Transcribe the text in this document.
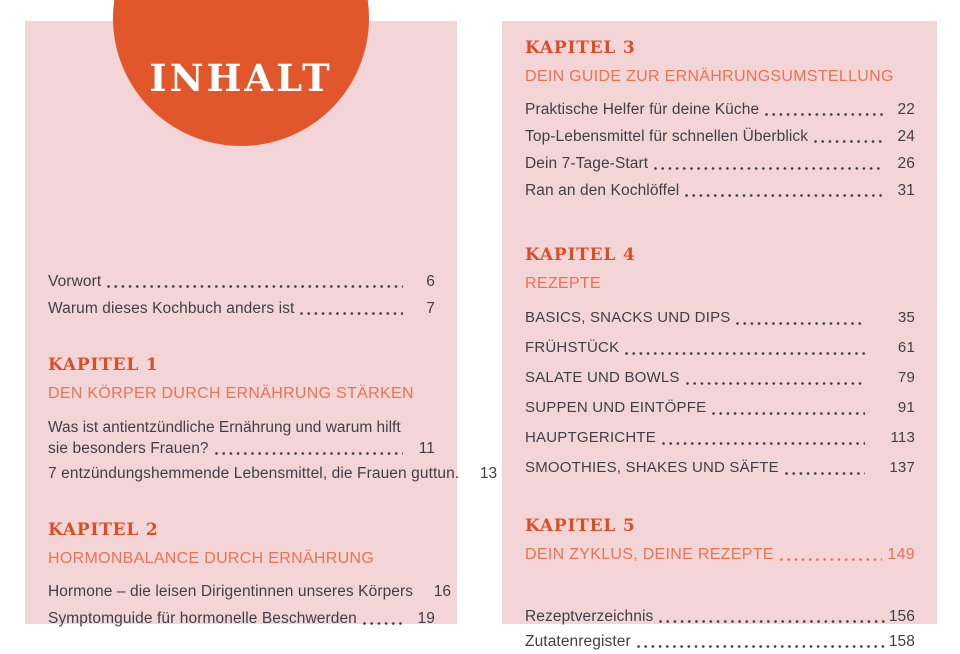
INHALT
Vorwort	6
Warum dieses Kochbuch anders ist	7
KAPITEL 1
DEN KÖRPER DURCH ERNÄHRUNG STÄRKEN
Was ist antientzündliche Ernährung und warum hilft
sie besonders Frauen?	11
7 entzündungshemmende Lebensmittel, die Frauen guttun.	13
KAPITEL 2
HORMONBALANCE DURCH ERNÄHRUNG
Hormone – die leisen Dirigentinnen unseres Körpers	16
Symptomguide für hormonelle Beschwerden	19
KAPITEL 3
DEIN GUIDE ZUR ERNÄHRUNGSUMSTELLUNG
Praktische Helfer für deine Küche	22
Top-Lebensmittel für schnellen Überblick	24
Dein 7-Tage-Start	26
Ran an den Kochlöffel	31
KAPITEL 4
REZEPTE
BASICS, SNACKS UND DIPS	35
FRÜHSTÜCK	61
SALATE UND BOWLS	79
SUPPEN UND EINTÖPFE	91
HAUPTGERICHTE	113
SMOOTHIES, SHAKES UND SÄFTE	137
KAPITEL 5
DEIN ZYKLUS, DEINE REZEPTE	149
Rezeptverzeichnis	156
Zutatenregister	158
